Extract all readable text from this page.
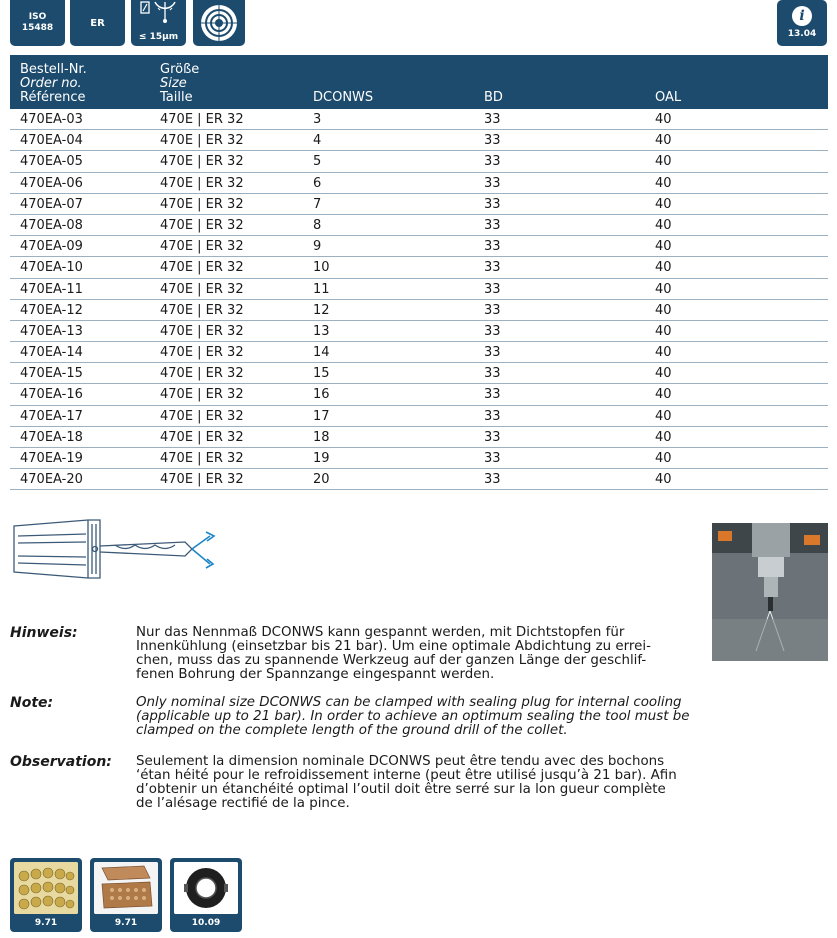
ISO
15488	ER
≤ 15µm
i
13.04
Bestell-Nr.
Order no.
Référence
Größe
Size
Taille	DCONWS	BD	OAL
470EA-03	470E | ER 32	3	33	40
470EA-04	470E | ER 32	4	33	40
470EA-05	470E | ER 32	5	33	40
470EA-06	470E | ER 32	6	33	40
470EA-07	470E | ER 32	7	33	40
470EA-08	470E | ER 32	8	33	40
470EA-09	470E | ER 32	9	33	40
470EA-10	470E | ER 32	10	33	40
470EA-11	470E | ER 32	11	33	40
470EA-12	470E | ER 32	12	33	40
470EA-13	470E | ER 32	13	33	40
470EA-14	470E | ER 32	14	33	40
470EA-15	470E | ER 32	15	33	40
470EA-16	470E | ER 32	16	33	40
470EA-17	470E | ER 32	17	33	40
470EA-18	470E | ER 32	18	33	40
470EA-19	470E | ER 32	19	33	40
470EA-20	470E | ER 32	20	33	40
Hinweis:	Nur das Nennmaß DCONWS kann gespannt werden, mit Dichtstopfen für
Innenkühlung (einsetzbar bis 21 bar). Um eine optimale Abdichtung zu errei-
chen, muss das zu spannende Werkzeug auf der ganzen Länge der geschlif-
fenen Bohrung der Spannzange eingespannt werden.
Note:	Only nominal size DCONWS can be clamped with sealing plug for internal cooling
(applicable up to 21 bar). In order to achieve an optimum sealing the tool must be
clamped on the complete length of the ground drill of the collet.
Observation: Seulement la dimension nominale DCONWS peut être tendu avec des bochons
‘étan héité pour le refroidissement interne (peut être utilisé jusqu’à 21 bar). Afin
d’obtenir un étanchéité optimal l’outil doit être serré sur la lon gueur complète
de l’alésage rectifié de la pince.
9.71	9.71	10.09
